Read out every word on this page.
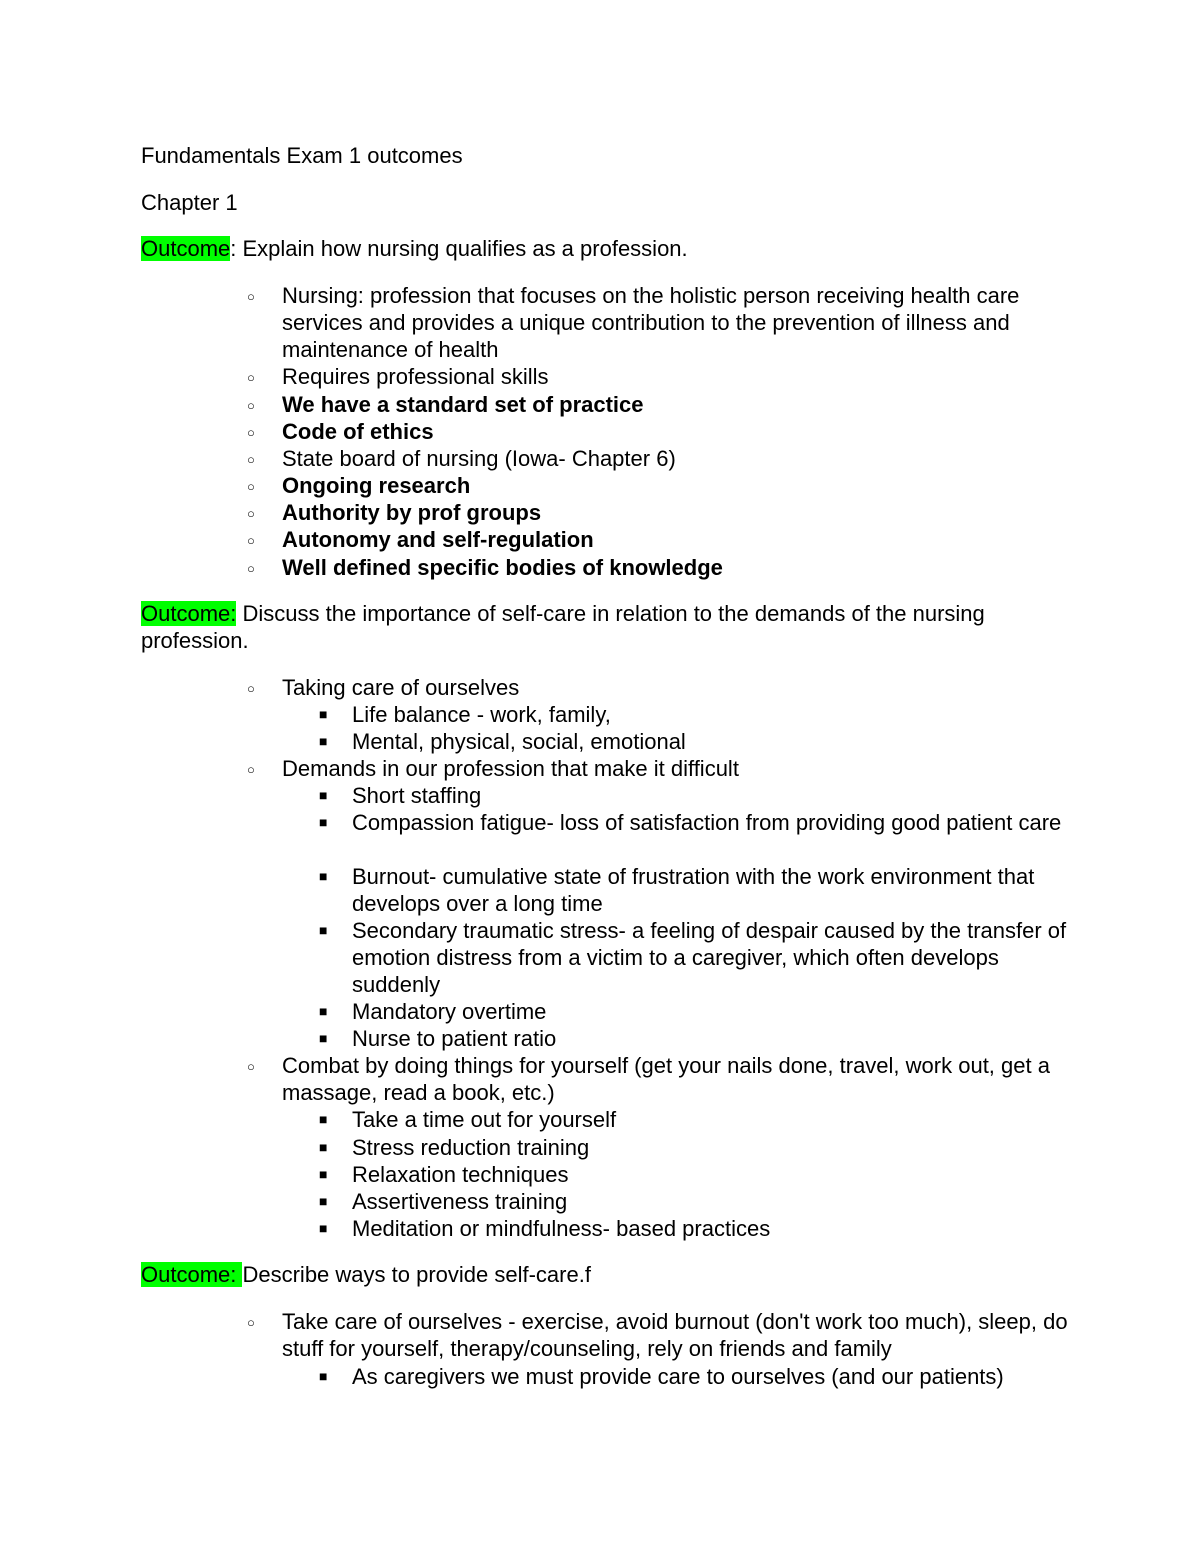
Fundamentals Exam 1 outcomes

Chapter 1

Outcome: Explain how nursing qualifies as a profession.

○ Nursing: profession that focuses on the holistic person receiving health care services and provides a unique contribution to the prevention of illness and maintenance of health
○ Requires professional skills
○ We have a standard set of practice
○ Code of ethics
○ State board of nursing (Iowa- Chapter 6)
○ Ongoing research
○ Authority by prof groups
○ Autonomy and self-regulation
○ Well defined specific bodies of knowledge

Outcome: Discuss the importance of self-care in relation to the demands of the nursing profession.

○ Taking care of ourselves
■ Life balance - work, family,
■ Mental, physical, social, emotional
○ Demands in our profession that make it difficult
■ Short staffing
■ Compassion fatigue- loss of satisfaction from providing good patient care
■ Burnout- cumulative state of frustration with the work environment that develops over a long time
■ Secondary traumatic stress- a feeling of despair caused by the transfer of emotion distress from a victim to a caregiver, which often develops suddenly
■ Mandatory overtime
■ Nurse to patient ratio
○ Combat by doing things for yourself (get your nails done, travel, work out, get a massage, read a book, etc.)
■ Take a time out for yourself
■ Stress reduction training
■ Relaxation techniques
■ Assertiveness training
■ Meditation or mindfulness- based practices

Outcome: Describe ways to provide self-care.f

○ Take care of ourselves - exercise, avoid burnout (don't work too much), sleep, do stuff for yourself, therapy/counseling, rely on friends and family
■ As caregivers we must provide care to ourselves (and our patients)
